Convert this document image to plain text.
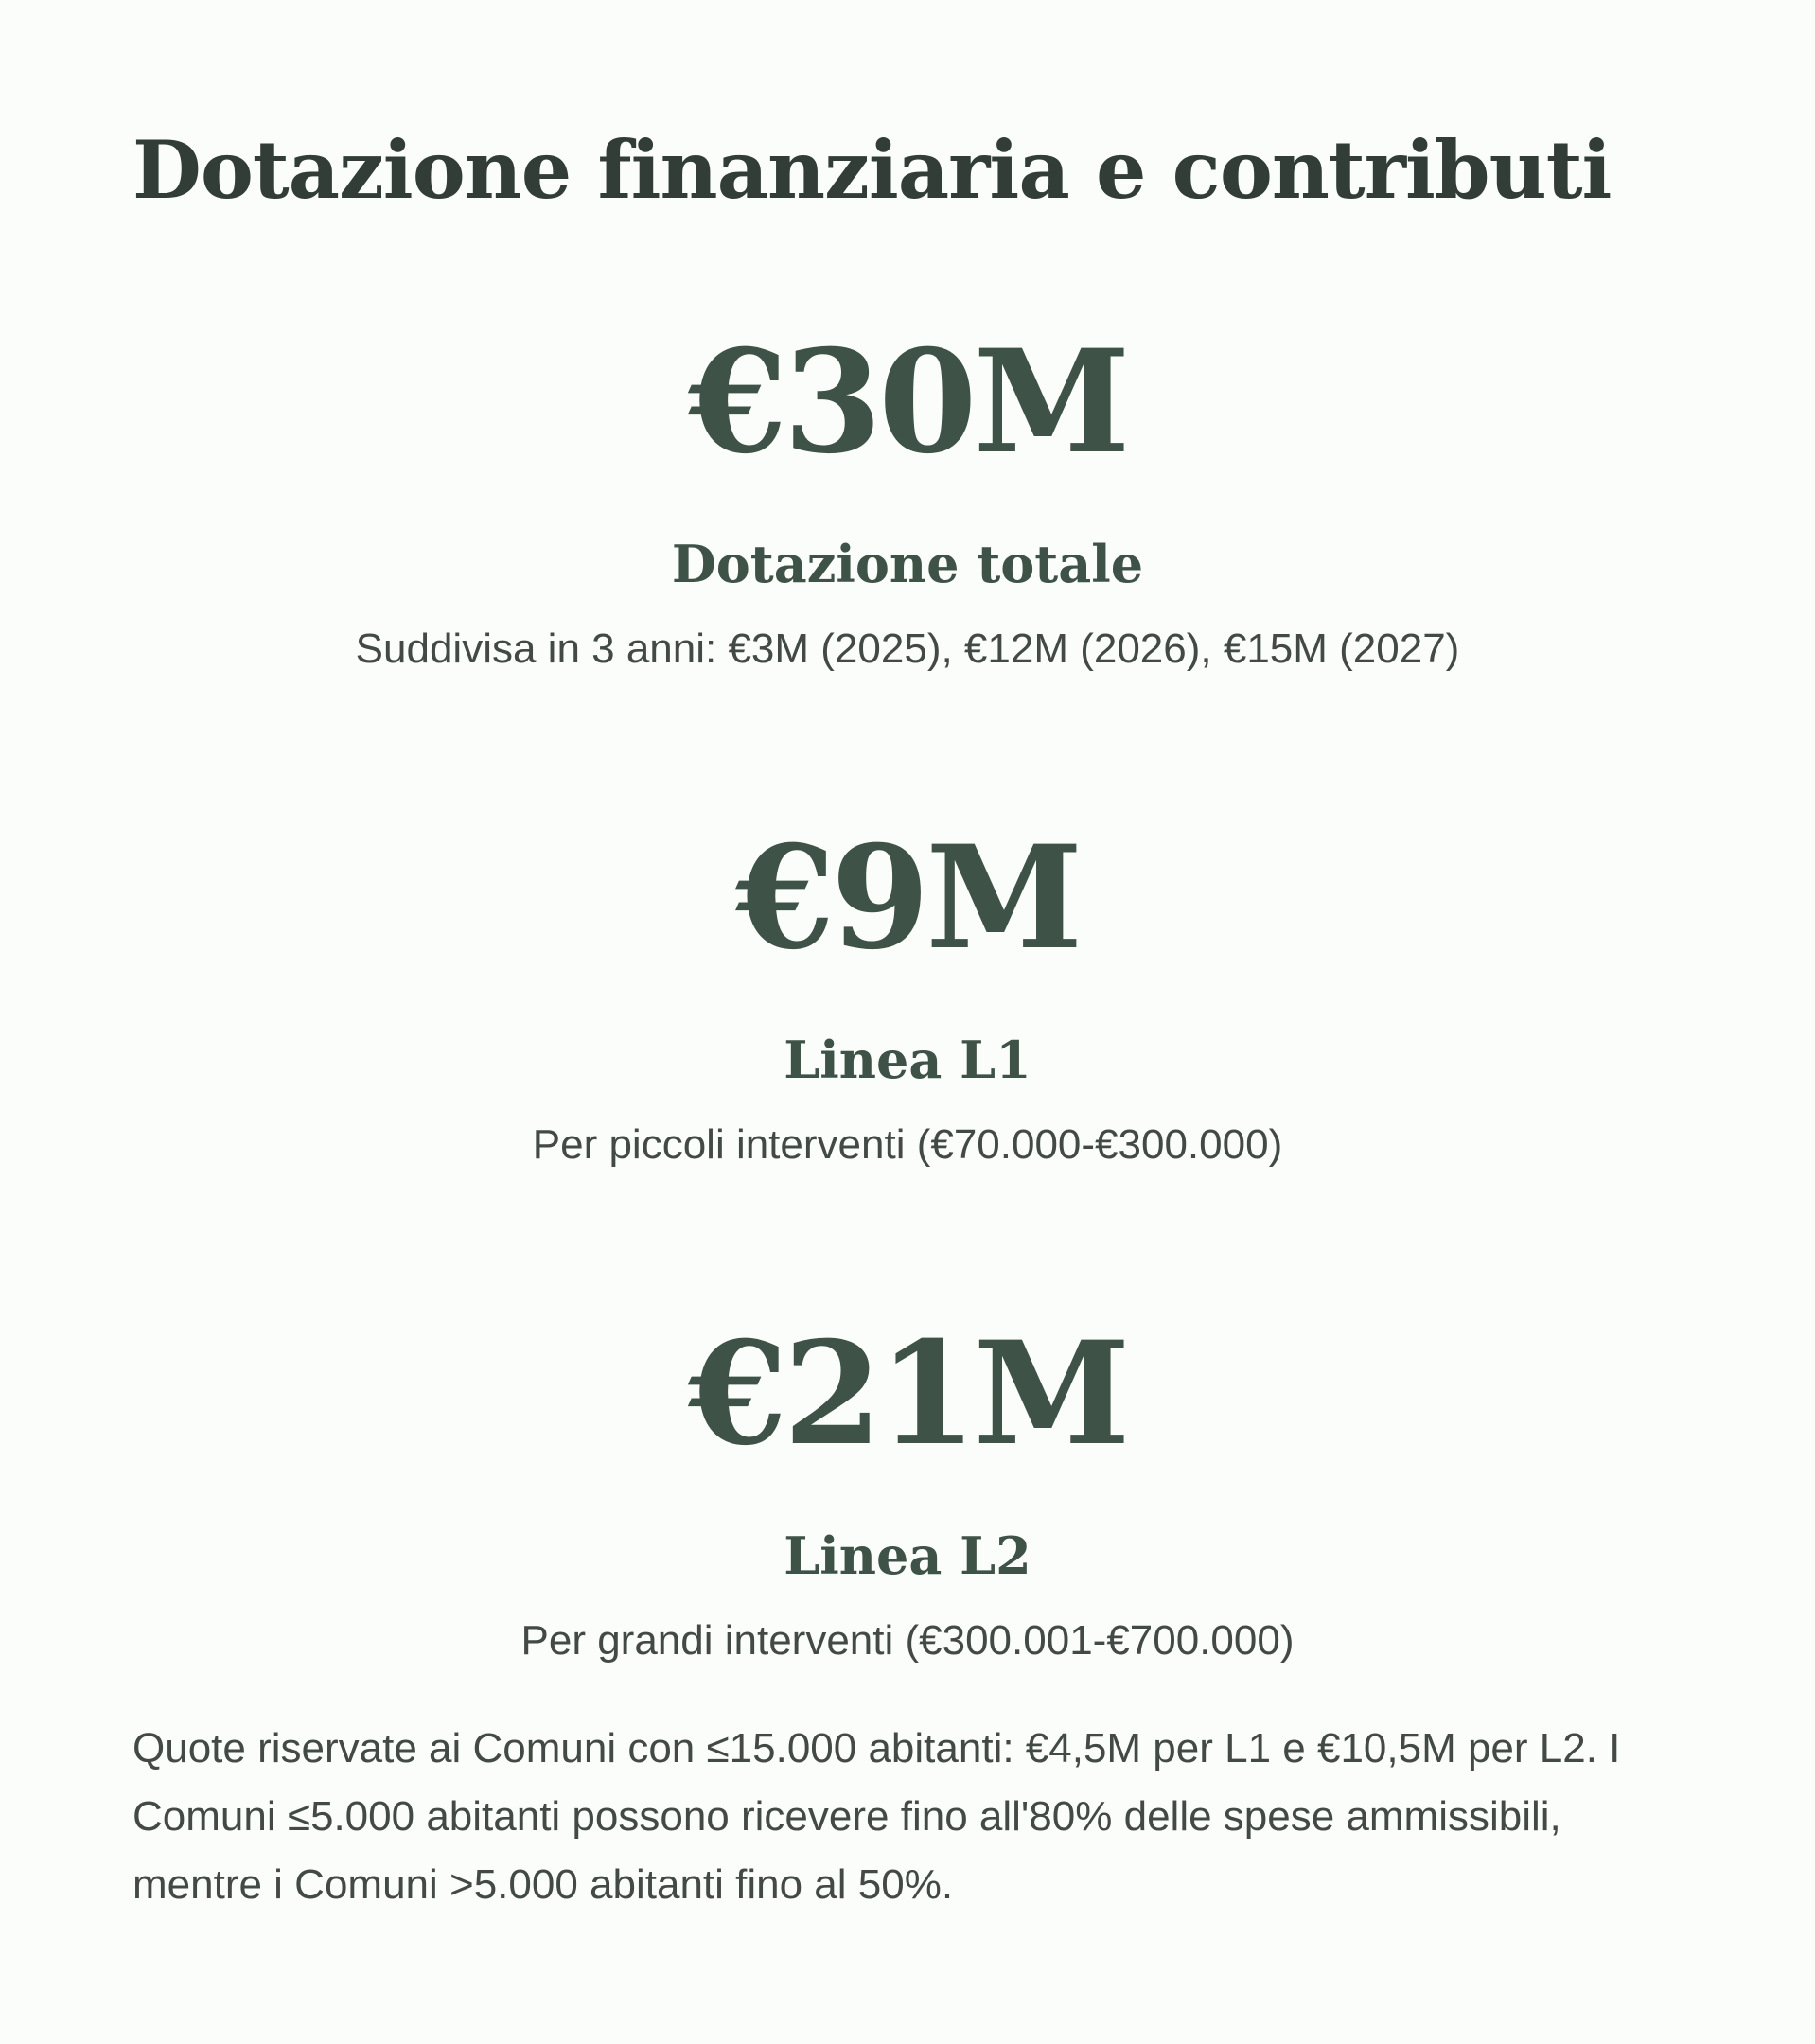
Dotazione finanziaria e contributi
€30M
Dotazione totale
Suddivisa in 3 anni: €3M (2025), €12M (2026), €15M (2027)
€9M
Linea L1
Per piccoli interventi (€70.000-€300.000)
€21M
Linea L2
Per grandi interventi (€300.001-€700.000)

Quote riservate ai Comuni con ≤15.000 abitanti: €4,5M per L1 e €10,5M per L2. I Comuni ≤5.000 abitanti possono ricevere fino all'80% delle spese ammissibili, mentre i Comuni >5.000 abitanti fino al 50%.
